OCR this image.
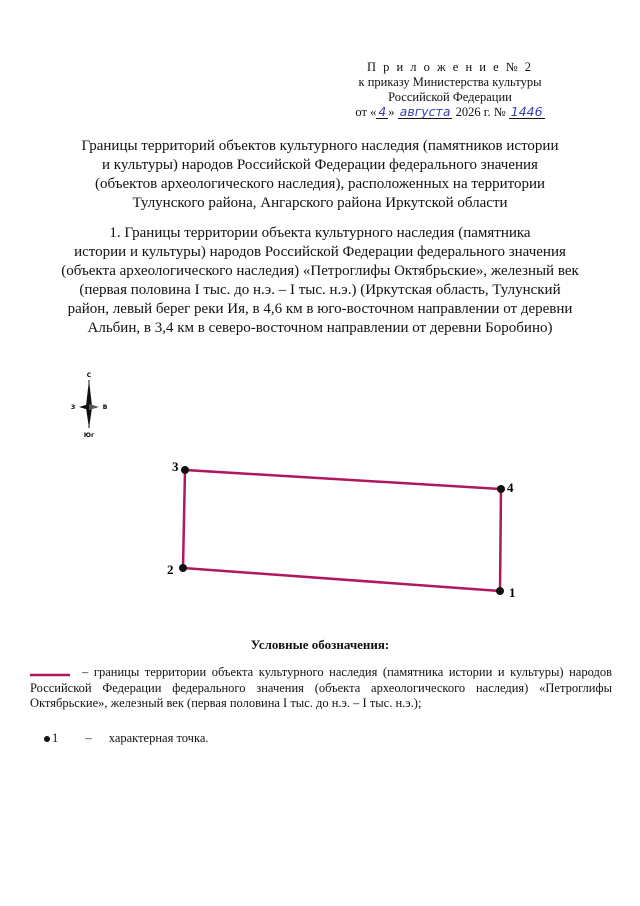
П р и л о ж е н и е № 2
к приказу Министерства культуры
Российской Федерации
от « 4 » августа 2026 г. № 1446
Границы территорий объектов культурного наследия (памятников истории
и культуры) народов Российской Федерации федерального значения
(объектов археологического наследия), расположенных на территории
Тулунского района, Ангарского района Иркутской области
1. Границы территории объекта культурного наследия (памятника
истории и культуры) народов Российской Федерации федерального значения
(объекта археологического наследия) «Петроглифы Октябрьские», железный век
(первая половина I тыс. до н.э. – I тыс. н.э.) (Иркутская область, Тулунский
район, левый берег реки Ия, в 4,6 км в юго-восточном направлении от деревни
Альбин, в 3,4 км в северо-восточном направлении от деревни Боробино)
С
З	В
Юг
1
2
3
4
Условные обозначения:
– границы территории объекта культурного наследия (памятника истории и культуры) народов Российской Федерации федерального значения (объекта археологического наследия) «Петроглифы Октябрьские», железный век (первая половина I тыс. до н.э. – I тыс. н.э.);
1 – характерная точка.
